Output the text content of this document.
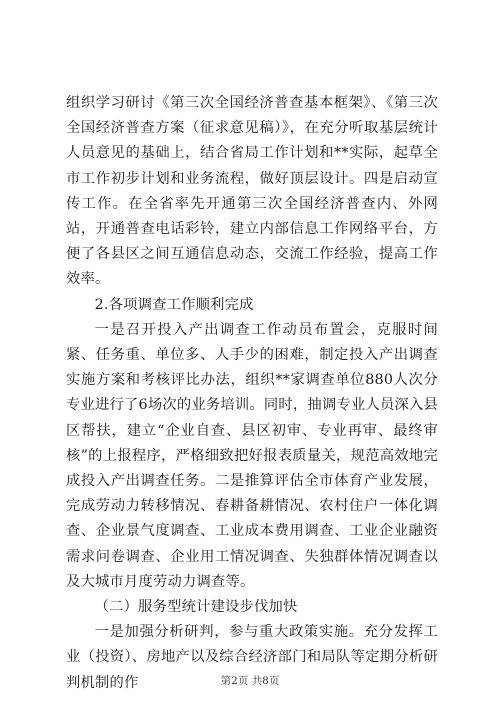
组织学习研讨《第三次全国经济普查基本框架》、《第三次全国经济普查方案（征求意见稿）》，在充分听取基层统计人员意见的基础上，结合省局工作计划和**实际，起草全市工作初步计划和业务流程，做好顶层设计。四是启动宣传工作。在全省率先开通第三次全国经济普查内、外网站，开通普查电话彩铃，建立内部信息工作网络平台，方便了各县区之间互通信息动态，交流工作经验，提高工作效率。

2.各项调查工作顺利完成

一是召开投入产出调查工作动员布置会，克服时间紧、任务重、单位多、人手少的困难，制定投入产出调查实施方案和考核评比办法，组织**家调查单位880人次分专业进行了6场次的业务培训。同时，抽调专业人员深入县区帮扶，建立“企业自查、县区初审、专业再审、最终审核”的上报程序，严格细致把好报表质量关，规范高效地完成投入产出调查任务。二是推算评估全市体育产业发展，完成劳动力转移情况、春耕备耕情况、农村住户一体化调查、企业景气度调查、工业成本费用调查、工业企业融资需求问卷调查、企业用工情况调查、失独群体情况调查以及大城市月度劳动力调查等。

（二）服务型统计建设步伐加快

一是加强分析研判，参与重大政策实施。充分发挥工业（投资）、房地产以及综合经济部门和局队等定期分析研判机制的作	第2页 共8页
